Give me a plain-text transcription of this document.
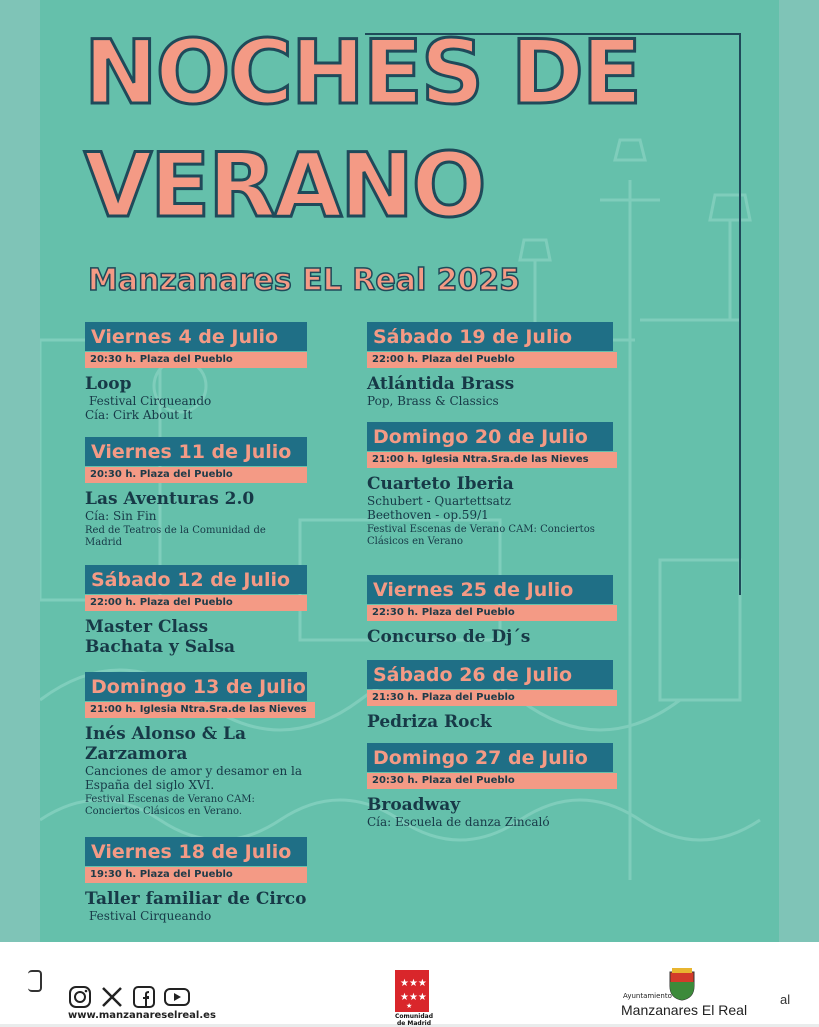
NOCHES DE
VERANO
Manzanares EL Real 2025
Viernes 4 de Julio
20:30 h. Plaza del Pueblo
Loop
Festival Cirqueando
Cía: Cirk About It
Viernes 11 de Julio
20:30 h. Plaza del Pueblo
Las Aventuras 2.0
Cía: Sin Fin
Red de Teatros de la Comunidad de Madrid
Sábado 12 de Julio
22:00 h. Plaza del Pueblo
Master Class Bachata y Salsa
Domingo 13 de Julio
21:00 h. Iglesia Ntra.Sra.de las Nieves
Inés Alonso & La Zarzamora
Canciones de amor y desamor en la España del siglo XVI.
Festival Escenas de Verano CAM: Conciertos Clásicos en Verano.
Viernes 18 de Julio
19:30 h. Plaza del Pueblo
Taller familiar de Circo
Festival Cirqueando
Sábado 19 de Julio
22:00 h. Plaza del Pueblo
Atlántida Brass
Pop, Brass & Classics
Domingo 20 de Julio
21:00 h. Iglesia Ntra.Sra.de las Nieves
Cuarteto Iberia
Schubert - Quartettsatz
Beethoven - op.59/1
Festival Escenas de Verano CAM: Conciertos Clásicos en Verano
Viernes 25 de Julio
22:30 h. Plaza del Pueblo
Concurso de Dj´s
Sábado 26 de Julio
21:30 h. Plaza del Pueblo
Pedriza Rock
Domingo 27 de Julio
20:30 h. Plaza del Pueblo
Broadway
Cía: Escuela de danza Zincaló
al
www.manzanareselreal.es
★★★
★★★
★
Comunidad de Madrid
Ayuntamiento
Manzanares El Real
